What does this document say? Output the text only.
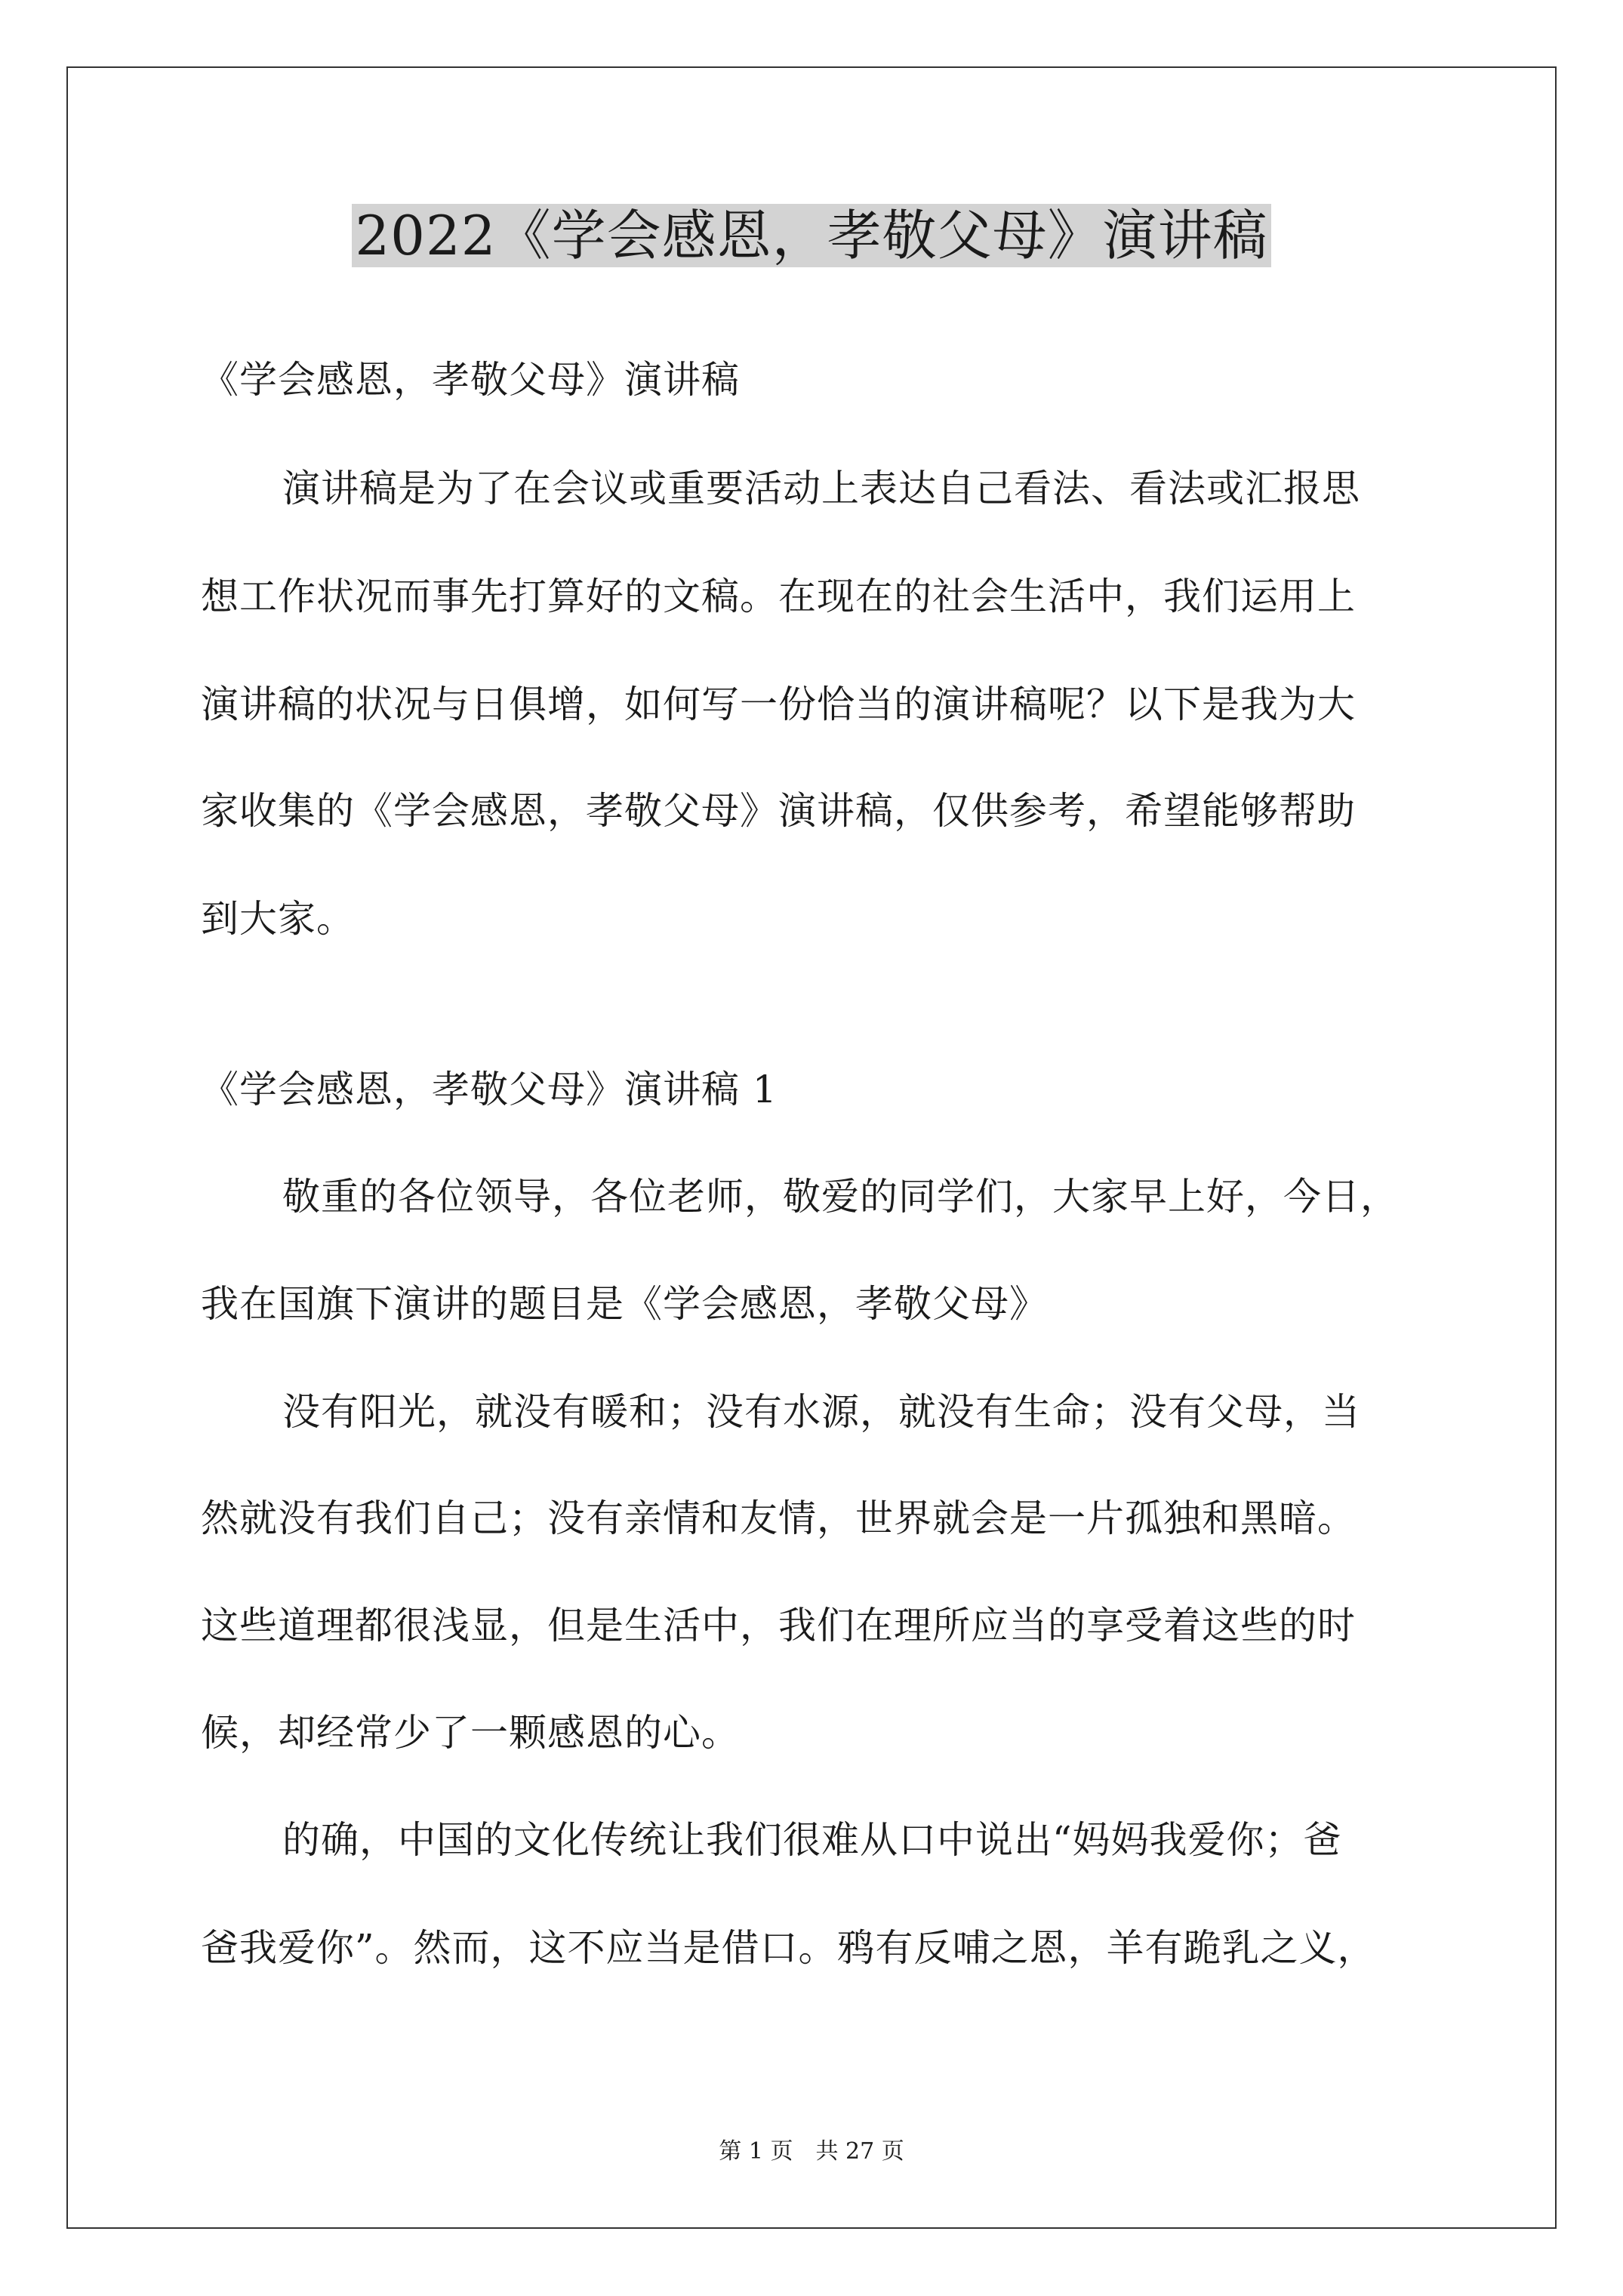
2022《学会感恩，孝敬父母》演讲稿
《学会感恩，孝敬父母》演讲稿
演讲稿是为了在会议或重要活动上表达自己看法、看法或汇报思
想工作状况而事先打算好的文稿。在现在的社会生活中，我们运用上
演讲稿的状况与日俱增，如何写一份恰当的演讲稿呢？以下是我为大
家收集的《学会感恩，孝敬父母》演讲稿，仅供参考，希望能够帮助
到大家。
《学会感恩，孝敬父母》演讲稿 1
敬重的各位领导，各位老师，敬爱的同学们，大家早上好，今日，
我在国旗下演讲的题目是《学会感恩，孝敬父母》
没有阳光，就没有暖和；没有水源，就没有生命；没有父母，当
然就没有我们自己；没有亲情和友情，世界就会是一片孤独和黑暗。
这些道理都很浅显，但是生活中，我们在理所应当的享受着这些的时
候，却经常少了一颗感恩的心。
的确，中国的文化传统让我们很难从口中说出“妈妈我爱你；爸
爸我爱你”。然而，这不应当是借口。鸦有反哺之恩，羊有跪乳之义，
第 1 页　共 27 页
